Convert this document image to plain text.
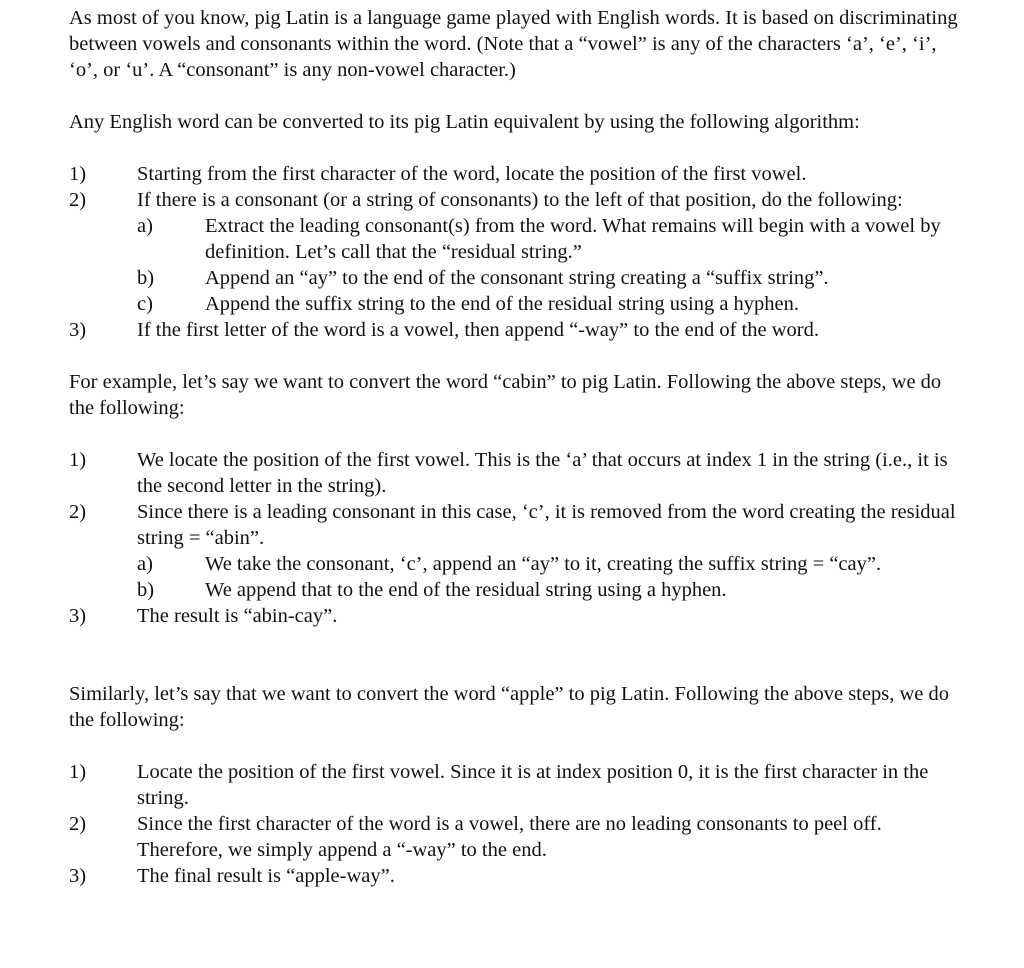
As most of you know, pig Latin is a language game played with English words. It is based on discriminating between vowels and consonants within the word. (Note that a “vowel” is any of the characters ‘a’, ‘e’, ‘i’, ‘o’, or ‘u’. A “consonant” is any non-vowel character.)

Any English word can be converted to its pig Latin equivalent by using the following algorithm:

1)	Starting from the first character of the word, locate the position of the first vowel.
2)	If there is a consonant (or a string of consonants) to the left of that position, do the following:
a)	Extract the leading consonant(s) from the word. What remains will begin with a vowel by definition. Let’s call that the “residual string.”
b)	Append an “ay” to the end of the consonant string creating a “suffix string”.
c)	Append the suffix string to the end of the residual string using a hyphen.
3)	If the first letter of the word is a vowel, then append “-way” to the end of the word.

For example, let’s say we want to convert the word “cabin” to pig Latin. Following the above steps, we do the following:

1)	We locate the position of the first vowel. This is the ‘a’ that occurs at index 1 in the string (i.e., it is the second letter in the string).
2)	Since there is a leading consonant in this case, ‘c’, it is removed from the word creating the residual string = “abin”.
a)	We take the consonant, ‘c’, append an “ay” to it, creating the suffix string = “cay”.
b)	We append that to the end of the residual string using a hyphen.
3)	The result is “abin-cay”.

Similarly, let’s say that we want to convert the word “apple” to pig Latin. Following the above steps, we do the following:

1)	Locate the position of the first vowel. Since it is at index position 0, it is the first character in the string.
2)	Since the first character of the word is a vowel, there are no leading consonants to peel off. Therefore, we simply append a “-way” to the end.
3)	The final result is “apple-way”.
